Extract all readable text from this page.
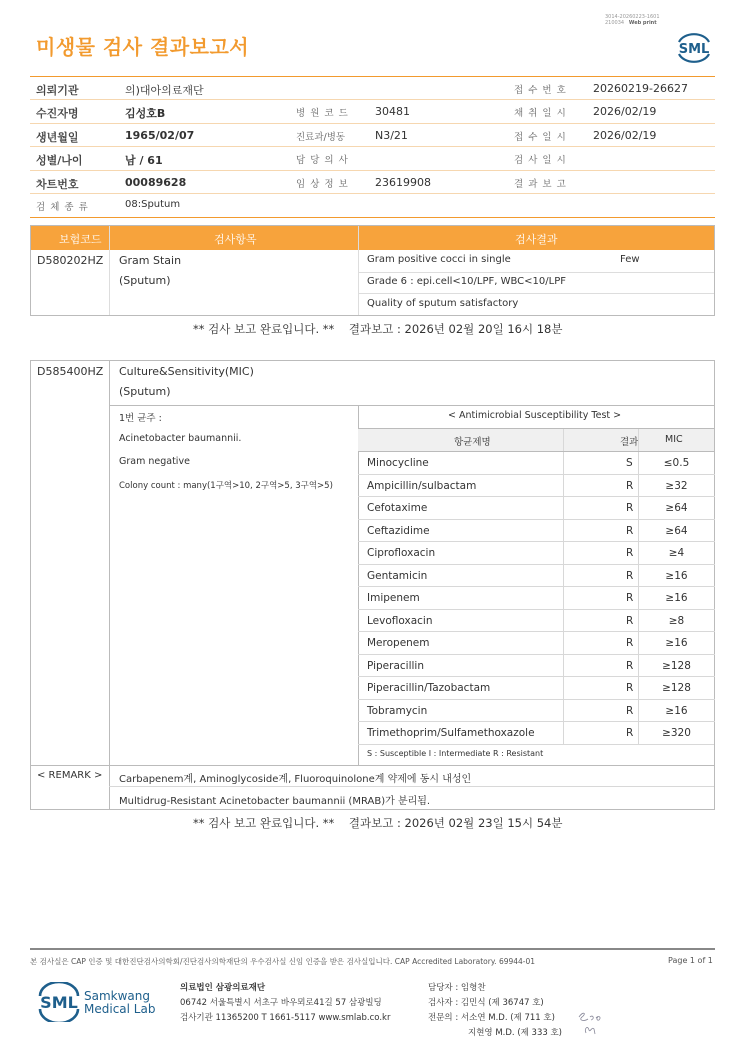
미생물 검사 결과보고서
3014-20260223-1601
210034 Web print
SML
의뢰기관	의)대아의료재단	접 수 번 호 20260219-26627
수진자명	김성호B	병 원 코 드 30481	채 취 일 시 2026/02/19
생년월일	1965/02/07	진료과/병동	N3/21	접 수 일 시 2026/02/19
성별/나이	남 / 61	담 당 의 사	검 사 일 시
차트번호	00089628	임 상 정 보 23619908	결 과 보 고
검 체 종 류	08:Sputum
보험코드	검사항목	검사결과
D580202HZ Gram Stain
(Sputum)
Gram positive cocci in single	Few
Grade 6 : epi.cell<10/LPF, WBC<10/LPF
Quality of sputum satisfactory
** 검사 보고 완료입니다. ** 결과보고 : 2026년 02월 20일 16시 18분
D585400HZ Culture&Sensitivity(MIC)
(Sputum)
1번 균주 :
Acinetobacter baumannii.
Gram negative
Colony count : many(1구역>10, 2구역>5, 3구역>5)
< Antimicrobial Susceptibility Test >
항균제명	결과	MIC
Minocycline	S	≤0.5
Ampicillin/sulbactam	R	≥32
Cefotaxime	R	≥64
Ceftazidime	R	≥64
Ciprofloxacin	R	≥4
Gentamicin	R	≥16
Imipenem	R	≥16
Levofloxacin	R	≥8
Meropenem	R	≥16
Piperacillin	R	≥128
Piperacillin/Tazobactam	R	≥128
Tobramycin	R	≥16
Trimethoprim/Sulfamethoxazole	R	≥320
S : Susceptible I : Intermediate R : Resistant
< REMARK > Carbapenem계, Aminoglycoside계, Fluoroquinolone계 약제에 동시 내성인
Multidrug-Resistant Acinetobacter baumannii (MRAB)가 분리됨.
** 검사 보고 완료입니다. ** 결과보고 : 2026년 02월 23일 15시 54분
본 검사실은 CAP 인증 및 대한진단검사의학회/진단검사의학재단의 우수검사실 신임 인증을 받은 검사실입니다. CAP Accredited Laboratory. 69944-01	Page 1 of 1
SML Samkwang
Medical Lab
의료법인 삼광의료재단
06742 서울특별시 서초구 바우뫼로41길 57 삼광빌딩
검사기관 11365200 T 1661-5117 www.smlab.co.kr
담당자 : 임형찬
검사자 : 김민식 (제 36747 호)
전문의 : 서소연 M.D. (제 711 호)
지현영 M.D. (제 333 호)
